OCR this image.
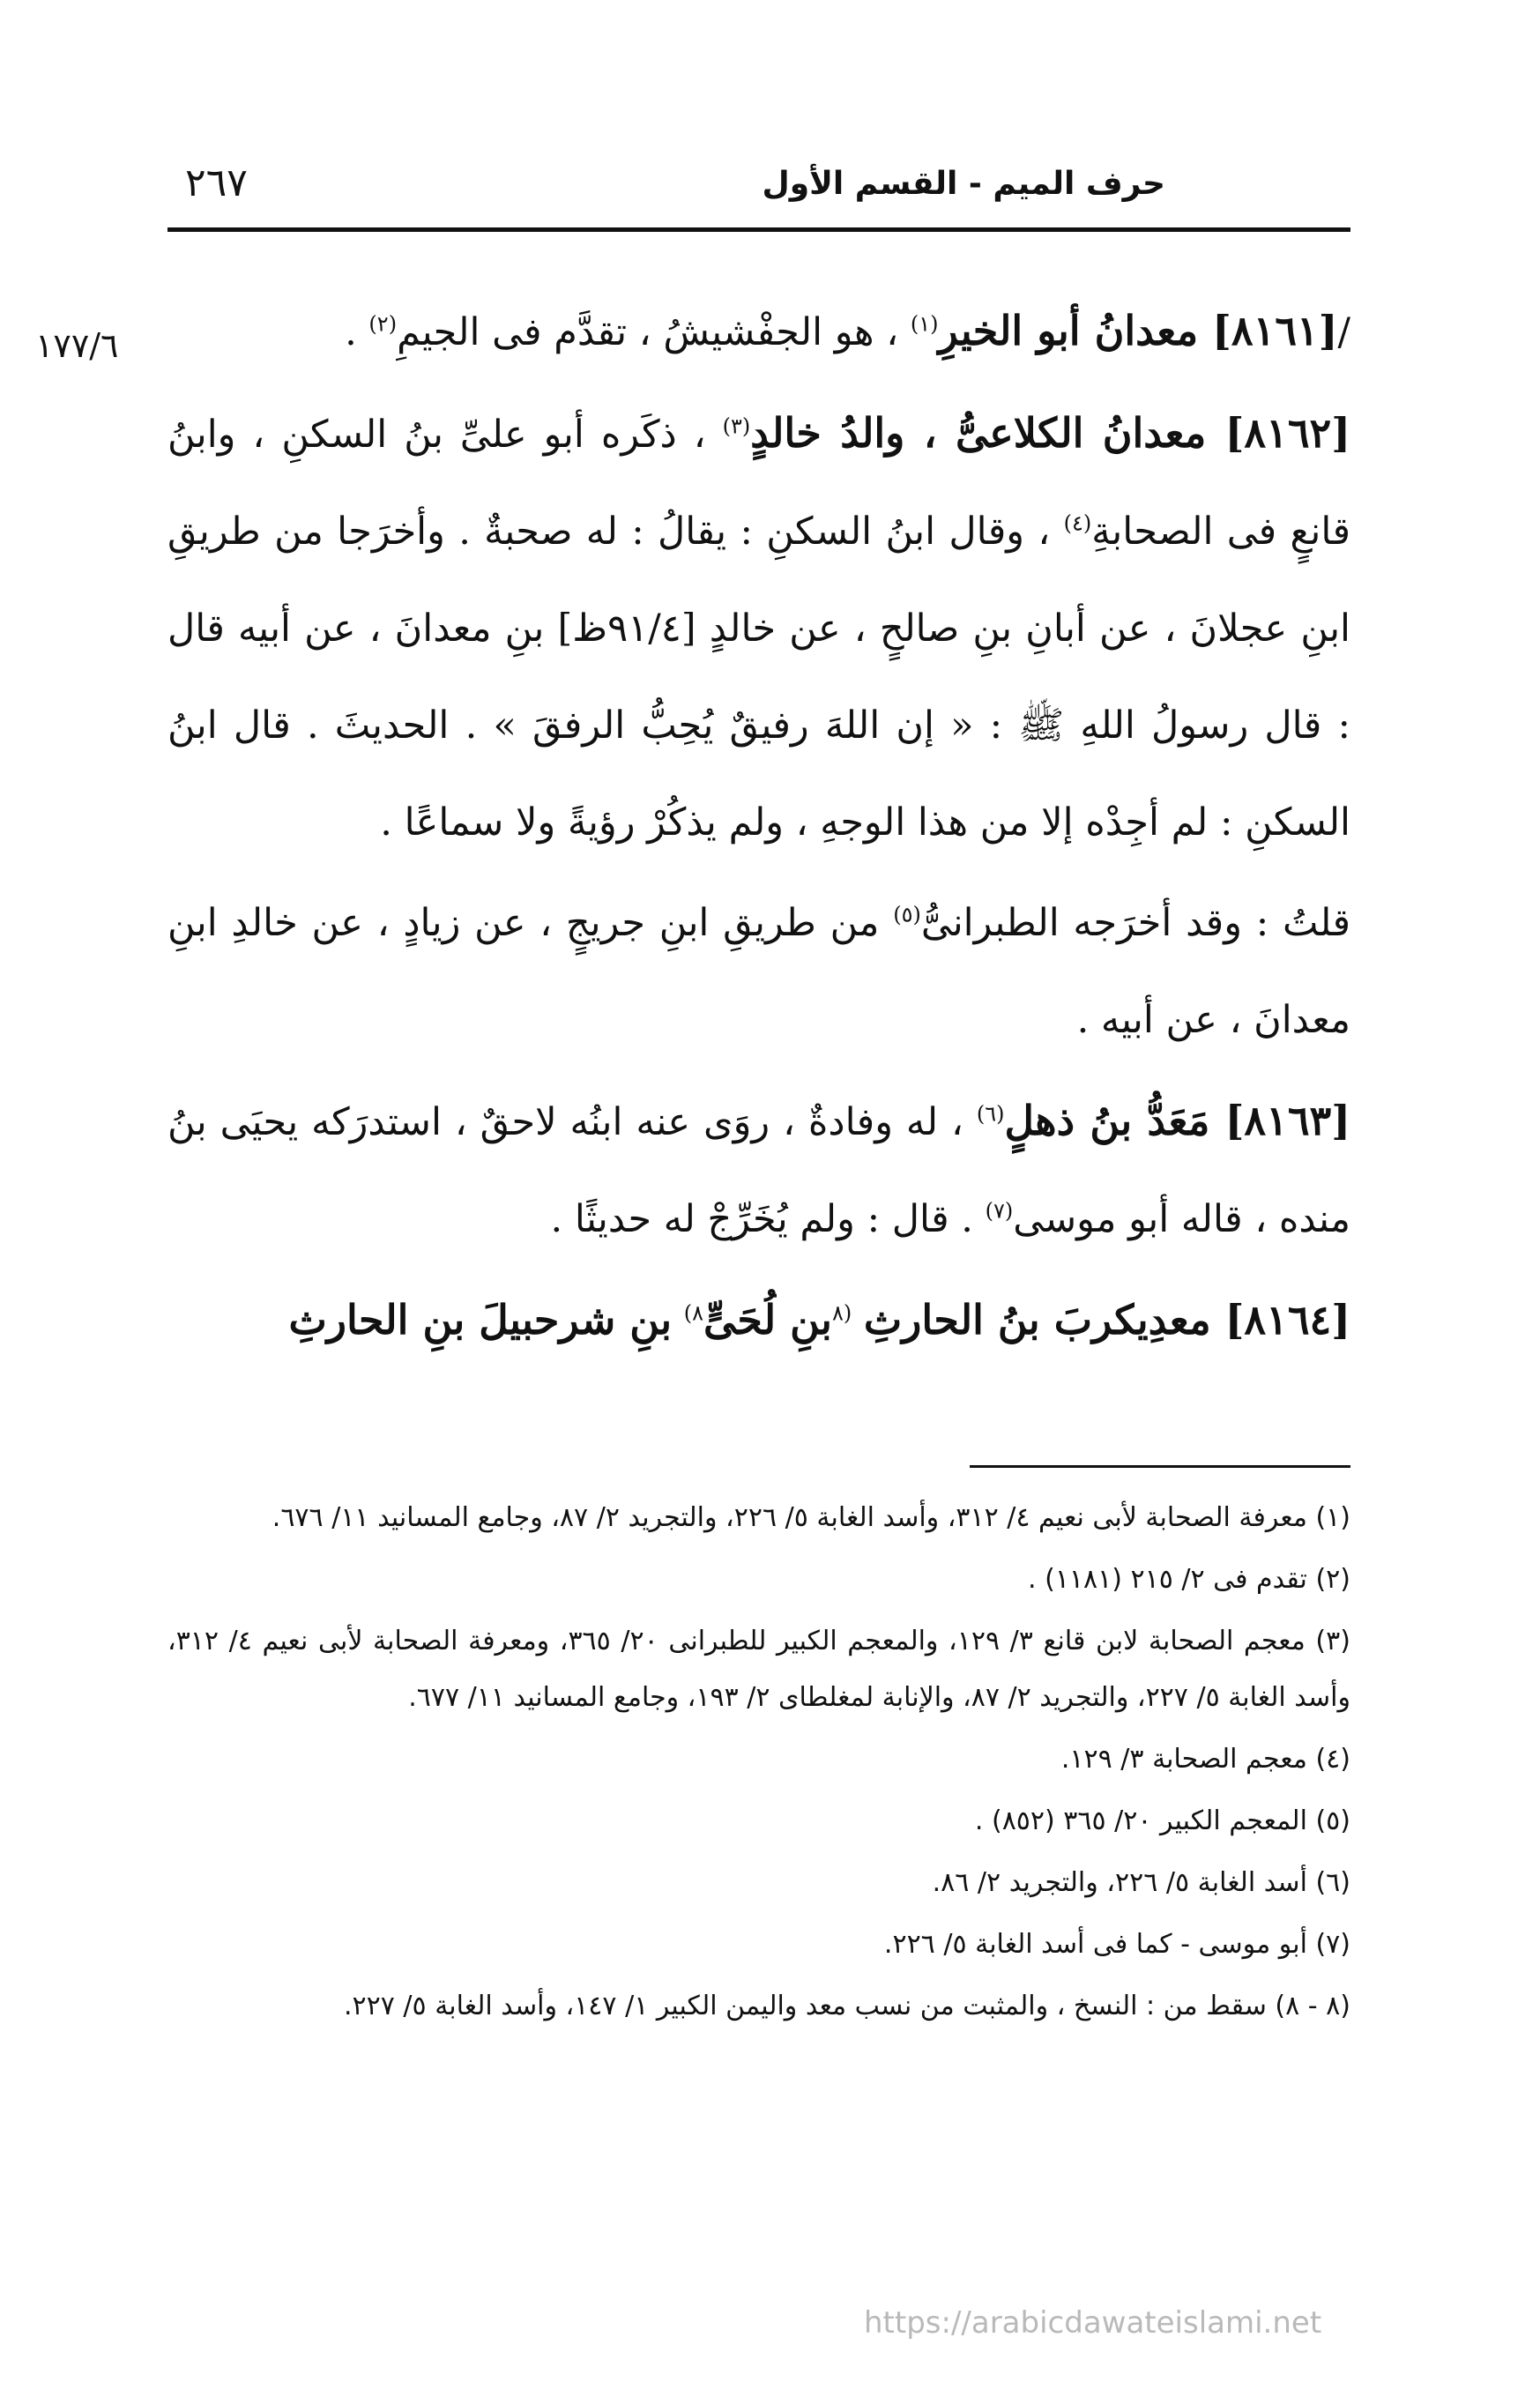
حرف الميم - القسم الأول
٢٦٧
١٧٧/٦	/[٨١٦١] معدانُ أبو الخيرِ$^{(١)}$ ، هو الجفْشيشُ ، تقدَّم فى الجيمِ$^{(٢)}$ .

[٨١٦٢] معدانُ الكلاعىُّ ، والدُ خالدٍ$^{(٣)}$ ، ذكَره أبو علىِّ بنُ السكنِ ، وابنُ قانعٍ فى الصحابةِ$^{(٤)}$ ، وقال ابنُ السكنِ : يقالُ : له صحبةٌ . وأخرَجا من طريقِ ابنِ عجلانَ ، عن أبانِ بنِ صالحٍ ، عن خالدٍ [٩١/٤ظ] بنِ معدانَ ، عن أبيه قال : قال رسولُ اللهِ ﷺ : « إن اللهَ رفيقٌ يُحِبُّ الرفقَ » . الحديثَ . قال ابنُ السكنِ : لم أجِدْه إلا من هذا الوجهِ ، ولم يذكُرْ رؤيةً ولا سماعًا .

قلتُ : وقد أخرَجه الطبرانىُّ$^{(٥)}$ من طريقِ ابنِ جريجٍ ، عن زيادٍ ، عن خالدِ ابنِ معدانَ ، عن أبيه .

[٨١٦٣] مَعَدُّ بنُ ذهلٍ$^{(٦)}$ ، له وفادةٌ ، روَى عنه ابنُه لاحقٌ ، استدرَكه يحيَى بنُ منده ، قاله أبو موسى$^{(٧)}$ . قال : ولم يُخَرِّجْ له حديثًا .

[٨١٦٤] معدِيكربَ بنُ الحارثِ $^{(٨}$بنِ لُحَىٍّ$^{٨)}$ بنِ شرحبيلَ بنِ الحارثِ

(١) معرفة الصحابة لأبى نعيم ٤/ ٣١٢، وأسد الغابة ٥/ ٢٢٦، والتجريد ٢/ ٨٧، وجامع المسانيد ١١/ ٦٧٦.

(٢) تقدم فى ٢/ ٢١٥ (١١٨١) .

(٣) معجم الصحابة لابن قانع ٣/ ١٢٩، والمعجم الكبير للطبرانى ٢٠/ ٣٦٥، ومعرفة الصحابة لأبى نعيم ٤/ ٣١٢، وأسد الغابة ٥/ ٢٢٧، والتجريد ٢/ ٨٧، والإنابة لمغلطاى ٢/ ١٩٣، وجامع المسانيد ١١/ ٦٧٧.

(٤) معجم الصحابة ٣/ ١٢٩.

(٥) المعجم الكبير ٢٠/ ٣٦٥ (٨٥٢) .

(٦) أسد الغابة ٥/ ٢٢٦، والتجريد ٢/ ٨٦.

(٧) أبو موسى - كما فى أسد الغابة ٥/ ٢٢٦.

(٨ - ٨) سقط من : النسخ ، والمثبت من نسب معد واليمن الكبير ١/ ١٤٧، وأسد الغابة ٥/ ٢٢٧.

https://arabicdawateislami.net
